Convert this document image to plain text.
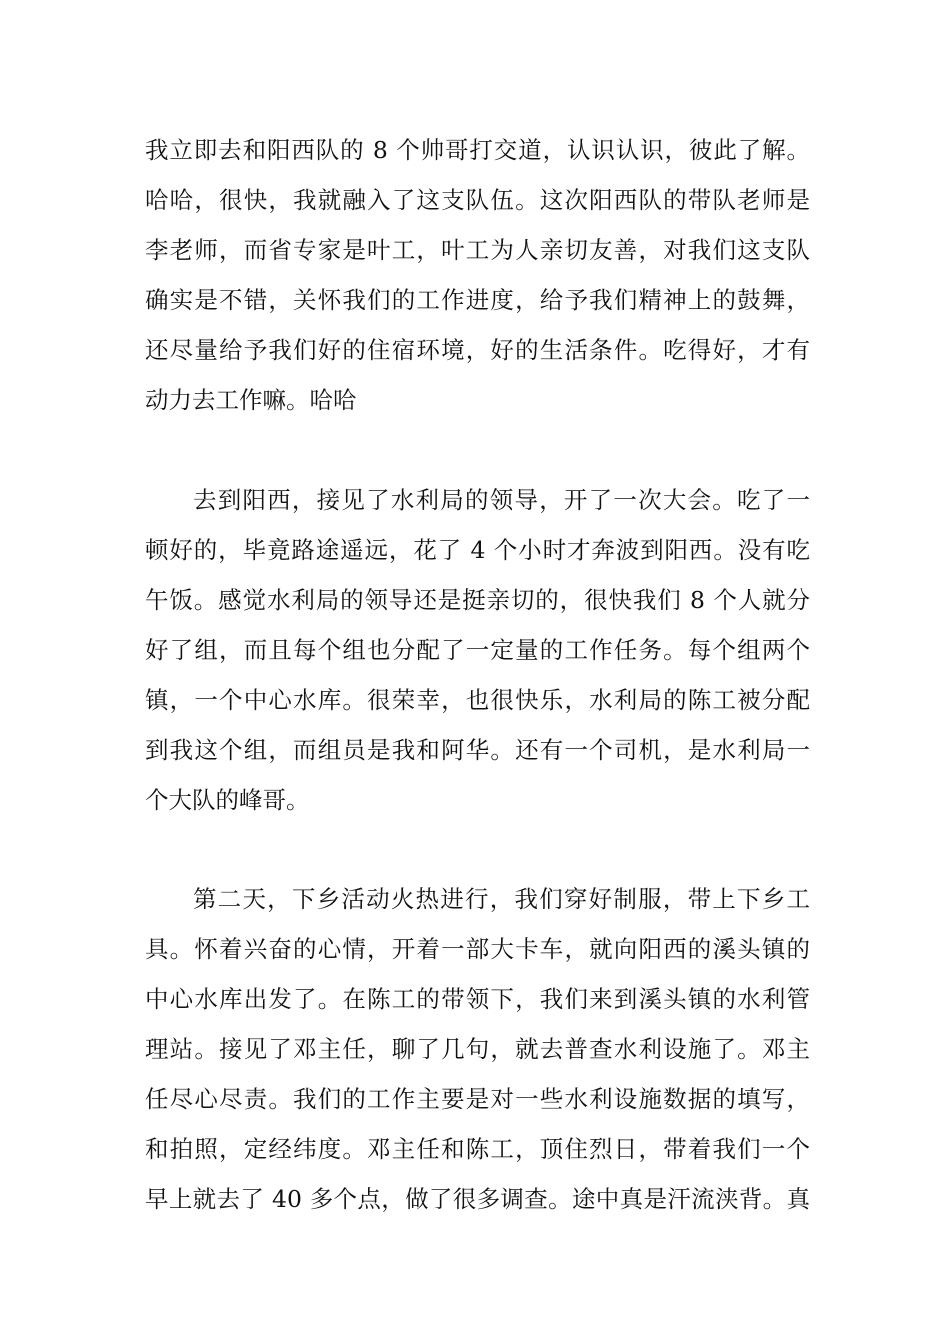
我立即去和阳西队的 8 个帅哥打交道，认识认识，彼此了解。
哈哈，很快，我就融入了这支队伍。这次阳西队的带队老师是
李老师，而省专家是叶工，叶工为人亲切友善，对我们这支队
确实是不错，关怀我们的工作进度，给予我们精神上的鼓舞，
还尽量给予我们好的住宿环境，好的生活条件。吃得好，才有
动力去工作嘛。哈哈
去到阳西，接见了水利局的领导，开了一次大会。吃了一
顿好的，毕竟路途遥远，花了 4 个小时才奔波到阳西。没有吃
午饭。感觉水利局的领导还是挺亲切的，很快我们 8 个人就分
好了组，而且每个组也分配了一定量的工作任务。每个组两个
镇，一个中心水库。很荣幸，也很快乐，水利局的陈工被分配
到我这个组，而组员是我和阿华。还有一个司机，是水利局一
个大队的峰哥。
第二天，下乡活动火热进行，我们穿好制服，带上下乡工
具。怀着兴奋的心情，开着一部大卡车，就向阳西的溪头镇的
中心水库出发了。在陈工的带领下，我们来到溪头镇的水利管
理站。接见了邓主任，聊了几句，就去普查水利设施了。邓主
任尽心尽责。我们的工作主要是对一些水利设施数据的填写，
和拍照，定经纬度。邓主任和陈工，顶住烈日，带着我们一个
早上就去了 40 多个点，做了很多调查。途中真是汗流浃背。真
